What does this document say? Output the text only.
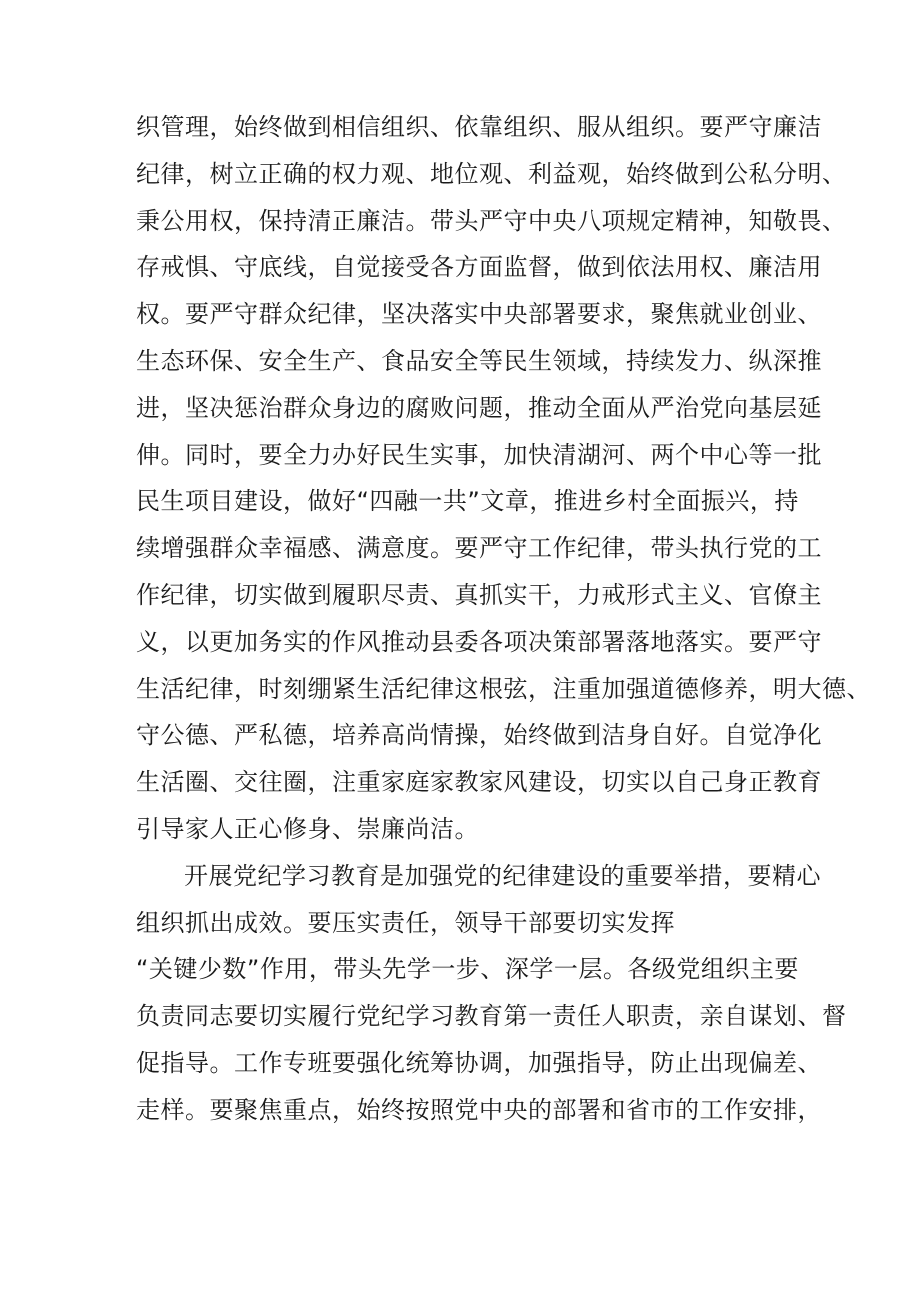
织管理，始终做到相信组织、依靠组织、服从组织。要严守廉洁
纪律，树立正确的权力观、地位观、利益观，始终做到公私分明、
秉公用权，保持清正廉洁。带头严守中央八项规定精神，知敬畏、
存戒惧、守底线，自觉接受各方面监督，做到依法用权、廉洁用
权。要严守群众纪律，坚决落实中央部署要求，聚焦就业创业、
生态环保、安全生产、食品安全等民生领域，持续发力、纵深推
进，坚决惩治群众身边的腐败问题，推动全面从严治党向基层延
伸。同时，要全力办好民生实事，加快清湖河、两个中心等一批
民生项目建设，做好“四融一共”文章，推进乡村全面振兴，持
续增强群众幸福感、满意度。要严守工作纪律，带头执行党的工
作纪律，切实做到履职尽责、真抓实干，力戒形式主义、官僚主
义，以更加务实的作风推动县委各项决策部署落地落实。要严守
生活纪律，时刻绷紧生活纪律这根弦，注重加强道德修养，明大德、
守公德、严私德，培养高尚情操，始终做到洁身自好。自觉净化
生活圈、交往圈，注重家庭家教家风建设，切实以自己身正教育
引导家人正心修身、崇廉尚洁。
开展党纪学习教育是加强党的纪律建设的重要举措，要精心
组织抓出成效。要压实责任，领导干部要切实发挥
“关键少数”作用，带头先学一步、深学一层。各级党组织主要
负责同志要切实履行党纪学习教育第一责任人职责，亲自谋划、督
促指导。工作专班要强化统筹协调，加强指导，防止出现偏差、
走样。要聚焦重点，始终按照党中央的部署和省市的工作安排，
